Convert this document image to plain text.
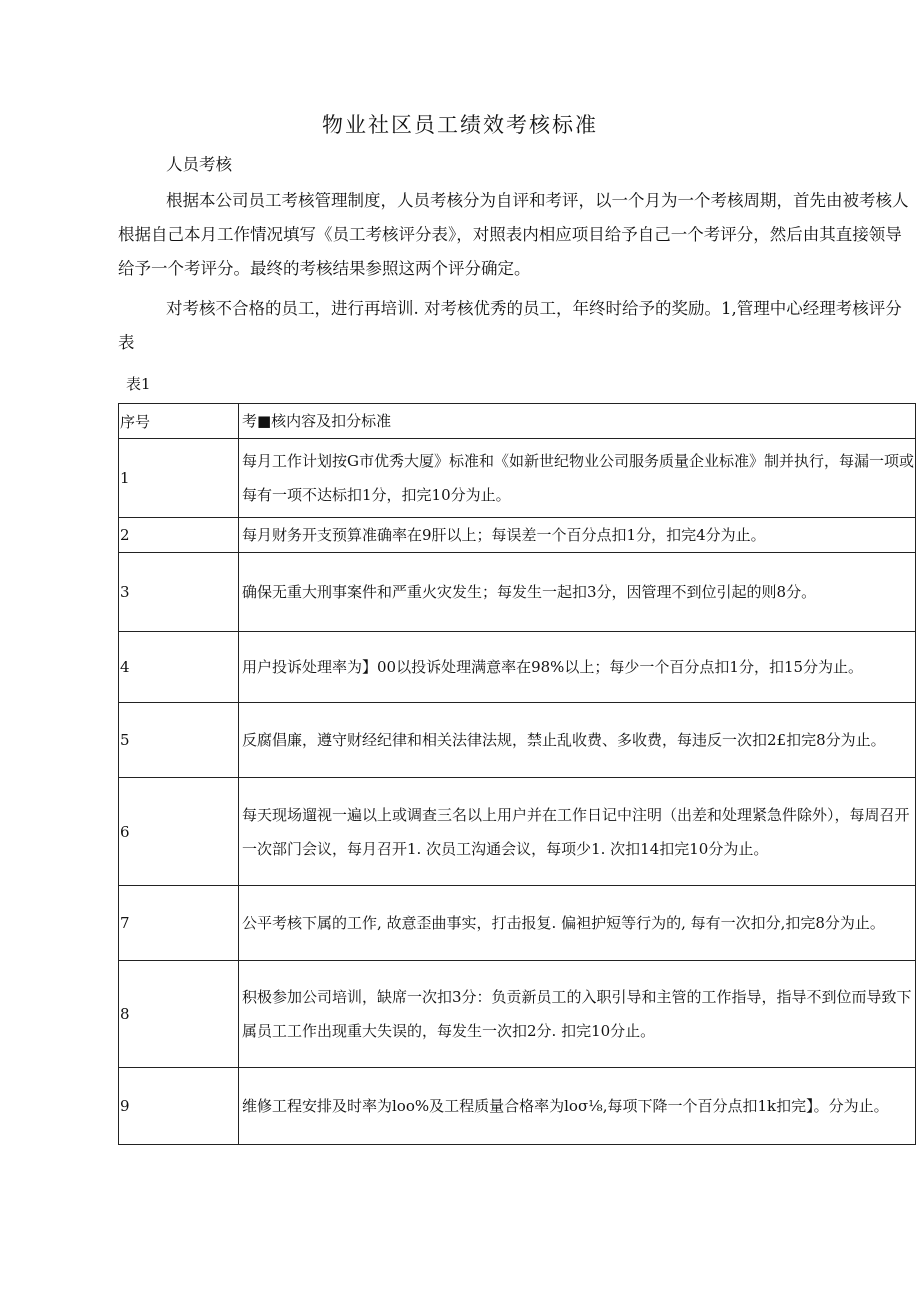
物业社区员工绩效考核标准
人员考核

根据本公司员工考核管理制度，人员考核分为自评和考评，以一个月为一个考核周期，首先由被考核人根据自己本月工作情况填写《员工考核评分表》，对照表内相应项目给予自己一个考评分，然后由其直接领导给予一个考评分。最终的考核结果参照这两个评分确定。

对考核不合格的员工，进行再培训. 对考核优秀的员工，年终时给予的奖励。1,管理中心经理考核评分表

表1
序号	考■核内容及扣分标准
1	每月工作计划按G市优秀大厦》标准和《如新世纪物业公司服务质量企业标准》制并执行，每漏一项或每有一项不达标扣1分，扣完10分为止。
2	每月财务开支预算准确率在9肝以上；每误差一个百分点扣1分，扣完4分为止。
3	确保无重大刑事案件和严重火灾发生；每发生一起扣3分，因管理不到位引起的则8分。
4	用户投诉处理率为】00以投诉处理满意率在98%以上；每少一个百分点扣1分，扣15分为止。
5	反腐倡廉，遵守财经纪律和相关法律法规，禁止乱收费、多收费，每违反一次扣2£扣完8分为止。
6	每天现场遛视一遍以上或调查三名以上用户并在工作日记中注明（出差和处理紧急件除外），每周召开一次部门会议，每月召开1. 次员工沟通会议，每项少1. 次扣14扣完10分为止。
7	公平考核下属的工作, 故意歪曲事实，打击报复. 偏袒护短等行为的, 每有一次扣分,扣完8分为止。
8	积极参加公司培训，缺席一次扣3分：负贡新员工的入职引导和主管的工作指导，指导不到位而导致下属员工工作出现重大失误的，每发生一次扣2分. 扣完10分止。
9	维修工程安排及时率为loo%及工程质量合格率为loσ⅛,每项下降一个百分点扣1k扣完】。分为止。
